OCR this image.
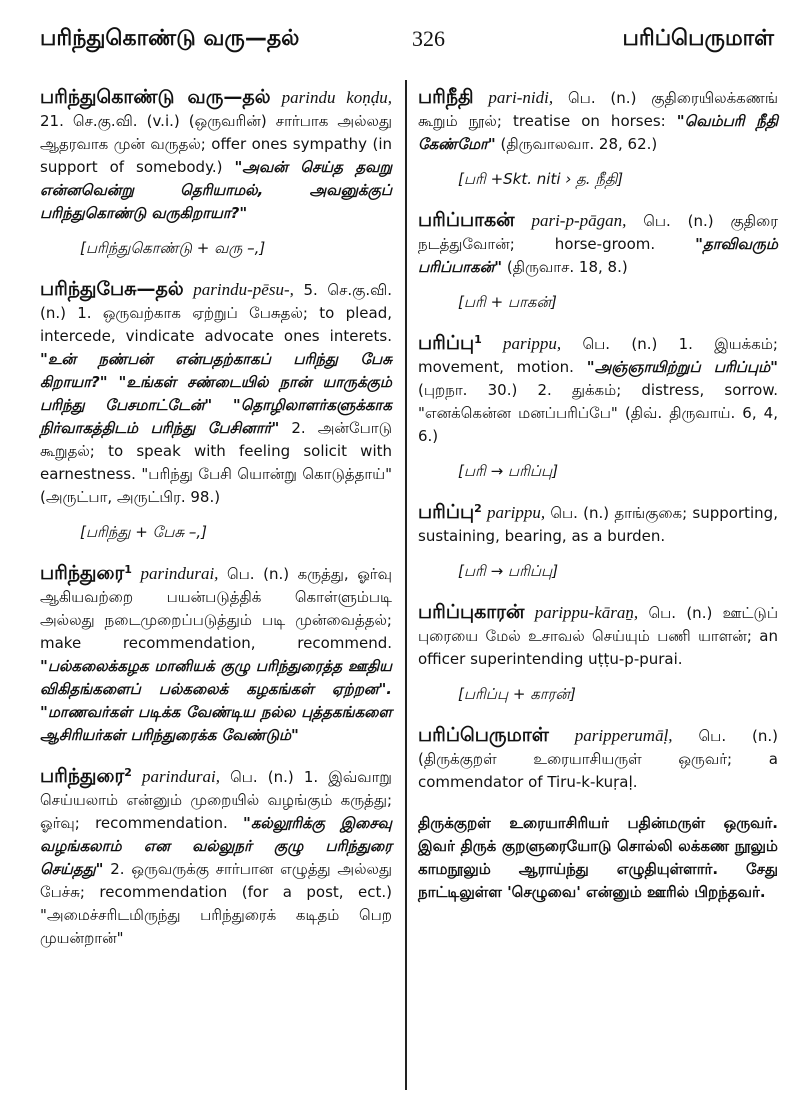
பரிந்துகொண்டு வரு—தல்	326	பரிப்பெருமாள்

பரிந்துகொண்டு வரு—தல் parindu koṇḍu, 21. செ.கு.வி. (v.i.) (ஒருவரின்) சார்பாக அல்லது ஆதரவாக முன் வருதல்; offer ones sympathy (in support of somebody.) "அவன் செய்த தவறு என்னவென்று தெரியாமல், அவனுக்குப் பரிந்துகொண்டு வருகிறாயா?"

[பரிந்துகொண்டு + வரு –,]

பரிந்துபேசு—தல் parindu-pēsu-, 5. செ.கு.வி. (n.) 1. ஒருவற்காக ஏற்றுப் பேசுதல்; to plead, intercede, vindicate advocate ones interets. "உன் நண்பன் என்பதற்காகப் பரிந்து பேசு கிறாயா?" "உங்கள் சண்டையில் நான் யாருக்கும் பரிந்து பேசமாட்டேன்" "தொழிலாளர்களுக்காக நிர்வாகத்திடம் பரிந்து பேசினார்" 2. அன்போடு கூறுதல்; to speak with feeling solicit with earnestness. "பரிந்து பேசி யொன்று கொடுத்தாய்" (அருட்பா, அருட்பிர. 98.)

[பரிந்து + பேசு –,]

பரிந்துரை$^1$ parindurai, பெ. (n.) கருத்து, ஓர்வு ஆகியவற்றை பயன்படுத்திக் கொள்ளும்படி அல்லது நடைமுறைப்படுத்தும் படி முன்வைத்தல்; make recommendation, recommend. "பல்கலைக்கழக மானியக் குழு பரிந்துரைத்த ஊதிய விகிதங்களைப் பல்கலைக் கழகங்கள் ஏற்றன". "மாணவர்கள் படிக்க வேண்டிய நல்ல புத்தகங்களை ஆசிரியர்கள் பரிந்துரைக்க வேண்டும்"

பரிந்துரை$^2$ parindurai, பெ. (n.) 1. இவ்வாறு செய்யலாம் என்னும் முறையில் வழங்கும் கருத்து; ஓர்வு; recommendation. "கல்லூரிக்கு இசைவு வழங்கலாம் என வல்லுநர் குழு பரிந்துரை செய்தது" 2. ஒருவருக்கு சார்பான எழுத்து அல்லது பேச்சு; recommendation (for a post, ect.) "அமைச்சரிடமிருந்து பரிந்துரைக் கடிதம் பெற முயன்றான்"

பரிநீதி pari-nidi, பெ. (n.) குதிரையிலக்கணங் கூறும் நூல்; treatise on horses: "வெம்பரி நீதி கேண்மோ" (திருவாலவா. 28, 62.)

[பரி +Skt. niti › த. நீதி]

பரிப்பாகன் pari-p-pāgan, பெ. (n.) குதிரை நடத்துவோன்; horse-groom.	"தாவிவரும் பரிப்பாகன்" (திருவாச. 18, 8.)

[பரி + பாகன்]

பரிப்பு$^1$ parippu, பெ. (n.) 1. இயக்கம்; movement, motion. "அஞ்ஞாயிற்றுப் பரிப்பும்" (புறநா. 30.) 2. துக்கம்; distress, sorrow. "எனக்கென்ன மனப்பரிப்பே" (திவ். திருவாய். 6, 4, 6.)

[பரி → பரிப்பு]

பரிப்பு$^2$ parippu, பெ. (n.) தாங்குகை; supporting, sustaining, bearing, as a burden.

[பரி → பரிப்பு]

பரிப்புகாரன் parippu-kāraṉ, பெ. (n.) ஊட்டுப் புரையை மேல் உசாவல் செய்யும் பணி யாளன்; an officer superintending uṭṭu-p-purai.

[பரிப்பு + காரன்]

பரிப்பெருமாள் paripperumāḷ, பெ. (n.) (திருக்குறள் உரையாசியருள் ஒருவர்; a commendator of Tiru-k-kuṛaḷ.

திருக்குறள் உரையாசிரியர் பதின்மருள் ஒருவர். இவர் திருக் குறளுரையோடு சொல்லி லக்கண நூலும் காமநூலும் ஆராய்ந்து எழுதியுள்ளார். சேது நாட்டிலுள்ள 'செழுவை' என்னும் ஊரில் பிறந்தவர்.
